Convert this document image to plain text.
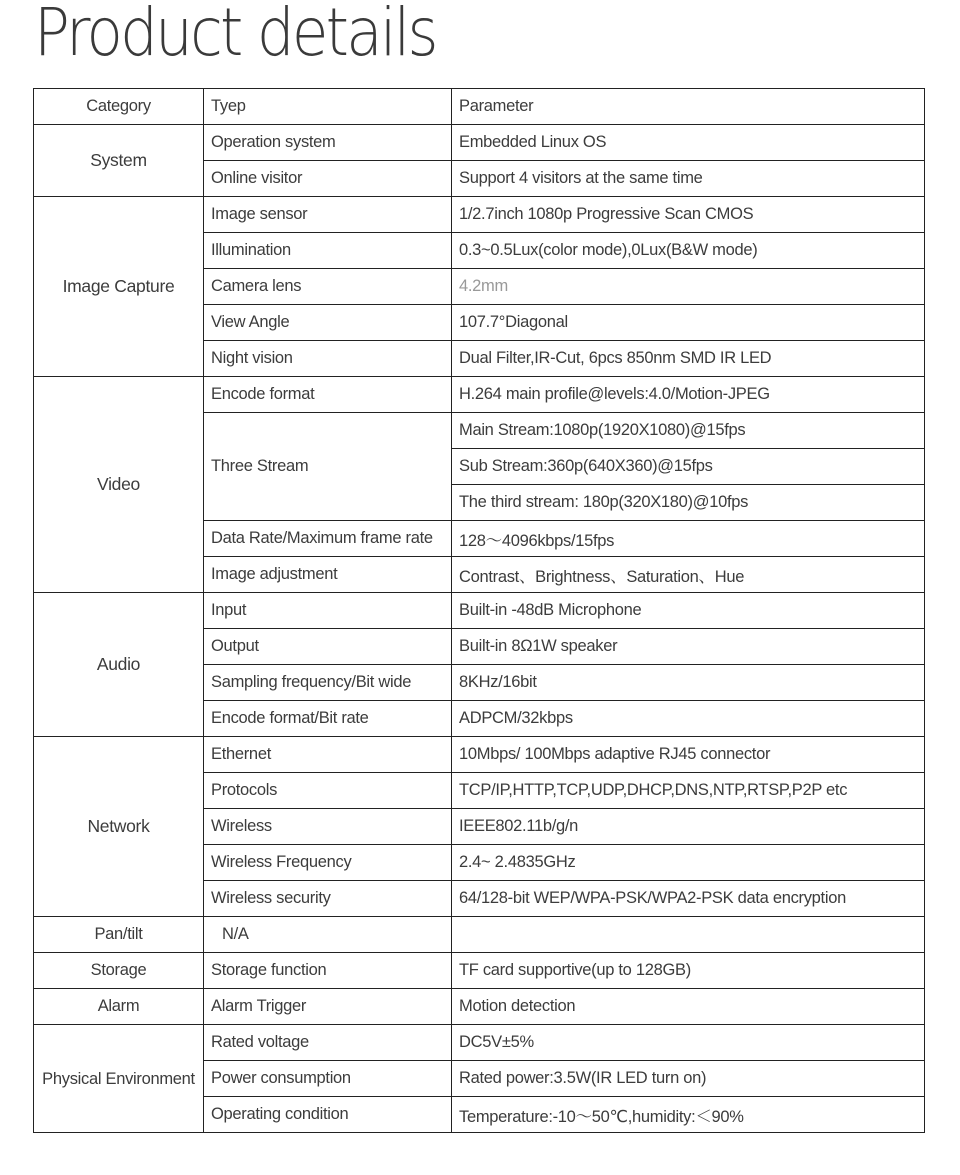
Product details
Category	Tyep	Parameter
System	Operation system	Embedded Linux OS
	Online visitor	Support 4 visitors at the same time
Image Capture	Image sensor	1/2.7inch 1080p Progressive Scan CMOS
	Illumination	0.3~0.5Lux(color mode),0Lux(B&W mode)
	Camera lens	4.2mm
	View Angle	107.7°Diagonal
	Night vision	Dual Filter,IR-Cut, 6pcs 850nm SMD IR LED
Video	Encode format	H.264 main profile@levels:4.0/Motion-JPEG
	Three Stream	Main Stream:1080p(1920X1080)@15fps
		Sub Stream:360p(640X360)@15fps
		The third stream: 180p(320X180)@10fps
	Data Rate/Maximum frame rate	128〜4096kbps/15fps
	Image adjustment	Contrast、Brightness、Saturation、Hue
Audio	Input	Built-in -48dB Microphone
	Output	Built-in 8Ω1W speaker
	Sampling frequency/Bit wide	8KHz/16bit
	Encode format/Bit rate	ADPCM/32kbps
Network	Ethernet	10Mbps/ 100Mbps adaptive RJ45 connector
	Protocols	TCP/IP,HTTP,TCP,UDP,DHCP,DNS,NTP,RTSP,P2P etc
	Wireless	IEEE802.11b/g/n
	Wireless Frequency	2.4~ 2.4835GHz
	Wireless security	64/128-bit WEP/WPA-PSK/WPA2-PSK data encryption
Pan/tilt	N/A	
Storage	Storage function	TF card supportive(up to 128GB)
Alarm	Alarm Trigger	Motion detection
Physical Environment	Rated voltage	DC5V±5%
	Power consumption	Rated power:3.5W(IR LED turn on)
	Operating condition	Temperature:-10〜50℃,humidity:＜90%
